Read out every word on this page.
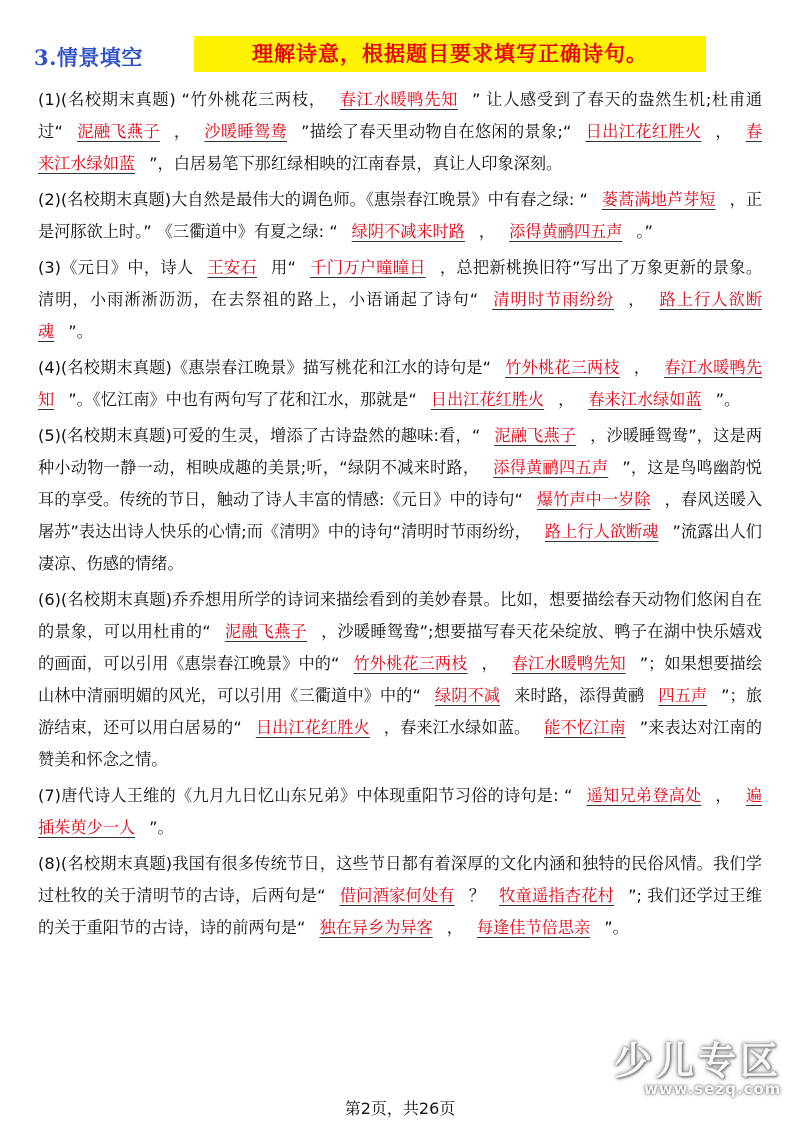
3.情景填空	理解诗意，根据题目要求填写正确诗句。

(1)(名校期末真题) “竹外桃花三两枝， 春江水暖鸭先知 ” 让人感受到了春天的盎然生机;杜甫通过“ 泥融飞燕子 ， 沙暖睡鸳鸯 ”描绘了春天里动物自在悠闲的景象;“ 日出江花红胜火 ， 春来江水绿如蓝 ”，白居易笔下那红绿相映的江南春景，真让人印象深刻。

(2)(名校期末真题)大自然是最伟大的调色师。《惠崇春江晚景》中有春之绿: “ 蒌蒿满地芦芽短 ，正是河豚欲上时。” 《三衢道中》有夏之绿: “ 绿阴不减来时路 ， 添得黄鹂四五声 。”

(3)《元日》中，诗人 王安石 用“ 千门万户曈曈日 ，总把新桃换旧符”写出了万象更新的景象。清明，小雨淅淅沥沥，在去祭祖的路上，小语诵起了诗句“ 清明时节雨纷纷 ， 路上行人欲断魂 ”。

(4)(名校期末真题)《惠崇春江晚景》描写桃花和江水的诗句是“ 竹外桃花三两枝 ， 春江水暖鸭先知 ”。《忆江南》中也有两句写了花和江水，那就是“ 日出江花红胜火 ， 春来江水绿如蓝 ”。

(5)(名校期末真题)可爱的生灵，增添了古诗盎然的趣味:看，“ 泥融飞燕子 ，沙暖睡鸳鸯”，这是两种小动物一静一动，相映成趣的美景;听，“绿阴不减来时路， 添得黄鹂四五声 ”，这是鸟鸣幽韵悦耳的享受。传统的节日，触动了诗人丰富的情感:《元日》中的诗句“ 爆竹声中一岁除 ，春风送暖入屠苏”表达出诗人快乐的心情;而《清明》中的诗句“清明时节雨纷纷， 路上行人欲断魂 ”流露出人们凄凉、伤感的情绪。

(6)(名校期末真题)乔乔想用所学的诗词来描绘看到的美妙春景。比如，想要描绘春天动物们悠闲自在的景象，可以用杜甫的“ 泥融飞燕子 ，沙暖睡鸳鸯”;想要描写春天花朵绽放、鸭子在湖中快乐嬉戏的画面，可以引用《惠崇春江晚景》中的“ 竹外桃花三两枝 ， 春江水暖鸭先知 ”；如果想要描绘山林中清丽明媚的风光，可以引用《三衢道中》中的“ 绿阴不减 来时路，添得黄鹂 四五声 ”；旅游结束，还可以用白居易的“ 日出江花红胜火 ，春来江水绿如蓝。 能不忆江南 ”来表达对江南的赞美和怀念之情。

(7)唐代诗人王维的《九月九日忆山东兄弟》中体现重阳节习俗的诗句是: “ 遥知兄弟登高处 ， 遍插茱萸少一人 ”。

(8)(名校期末真题)我国有很多传统节日，这些节日都有着深厚的文化内涵和独特的民俗风情。我们学过杜牧的关于清明节的古诗，后两句是“ 借问酒家何处有 ？ 牧童遥指杏花村 ”; 我们还学过王维的关于重阳节的古诗，诗的前两句是“ 独在异乡为异客 ， 每逢佳节倍思亲 ”。

少儿专区
www.sezq.com
第2页，共26页
